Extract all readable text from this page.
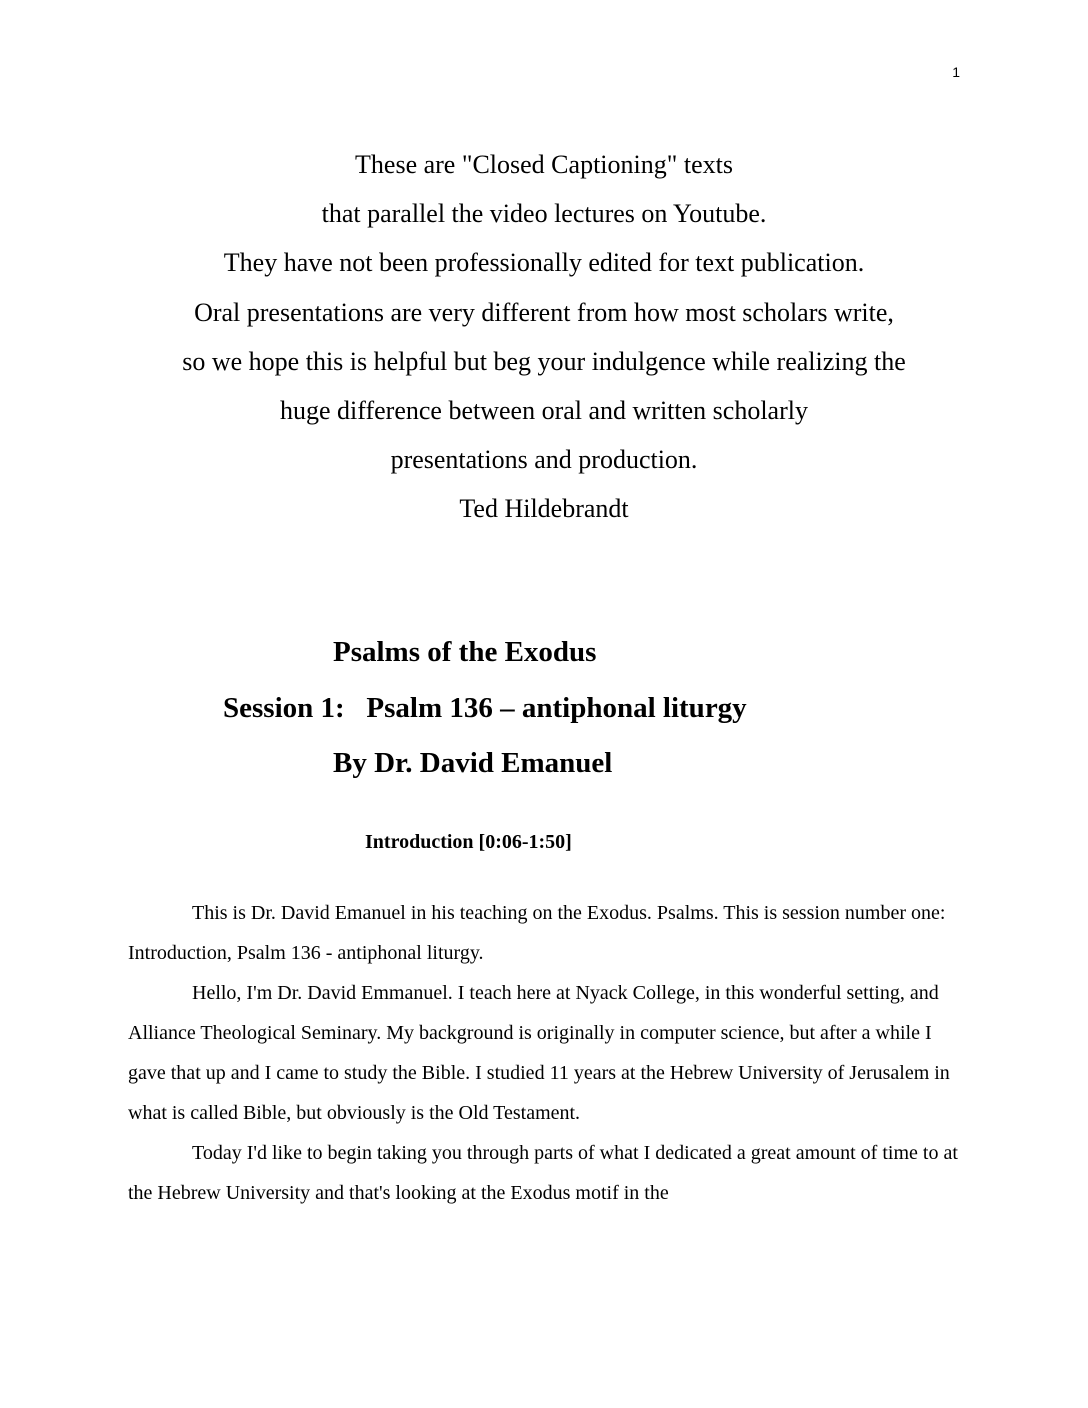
1
These are "Closed Captioning" texts
that parallel the video lectures on Youtube.
They have not been professionally edited for text publication.
Oral presentations are very different from how most scholars write,
so we hope this is helpful but beg your indulgence while realizing the
huge difference between oral and written scholarly
presentations and production.
Ted Hildebrandt
Psalms of the Exodus
Session 1:   Psalm 136 – antiphonal liturgy
By Dr. David Emanuel
Introduction [0:06-1:50]

This is Dr. David Emanuel in his teaching on the Exodus. Psalms. This is session number one: Introduction, Psalm 136 - antiphonal liturgy.

Hello, I'm Dr. David Emmanuel. I teach here at Nyack College, in this wonderful setting, and Alliance Theological Seminary. My background is originally in computer science, but after a while I gave that up and I came to study the Bible. I studied 11 years at the Hebrew University of Jerusalem in what is called Bible, but obviously is the Old Testament.

Today I'd like to begin taking you through parts of what I dedicated a great amount of time to at the Hebrew University and that's looking at the Exodus motif in the
